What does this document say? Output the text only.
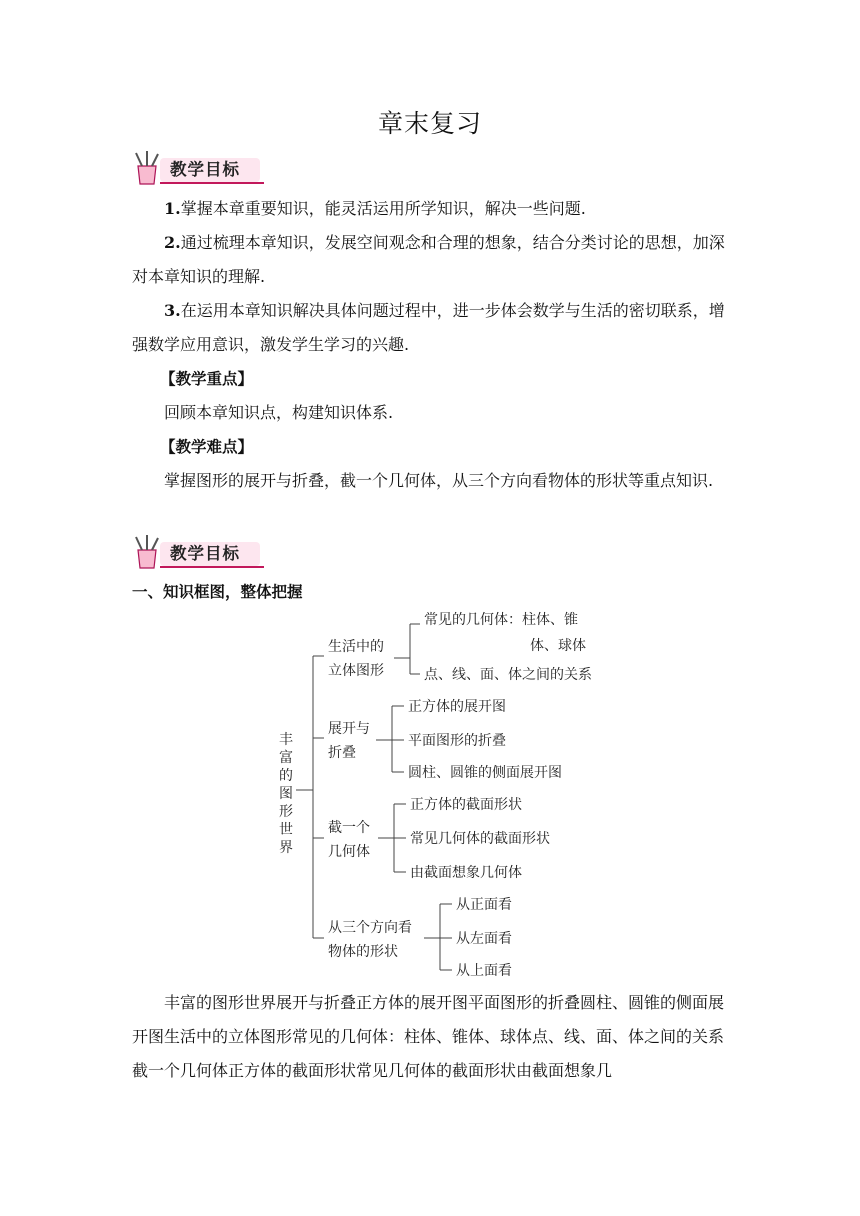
章末复习
教学目标
1.掌握本章重要知识，能灵活运用所学知识，解决一些问题.
2.通过梳理本章知识，发展空间观念和合理的想象，结合分类讨论的思想，加深对本章知识的理解.
3.在运用本章知识解决具体问题过程中，进一步体会数学与生活的密切联系，增强数学应用意识，激发学生学习的兴趣.
【教学重点】
回顾本章知识点，构建知识体系.
【教学难点】
掌握图形的展开与折叠，截一个几何体，从三个方向看物体的形状等重点知识.
教学目标
一、知识框图，整体把握
丰
富
的
图
形
世
界
生活中的
立体图形
常见的几何体：柱体、锥
体、球体
点、线、面、体之间的关系
展开与
折叠
正方体的展开图
平面图形的折叠
圆柱、圆锥的侧面展开图
截一个
几何体
正方体的截面形状
常见几何体的截面形状
由截面想象几何体
从三个方向看
物体的形状
从正面看
从左面看
从上面看
丰富的图形世界展开与折叠正方体的展开图平面图形的折叠圆柱、圆锥的侧面展开图生活中的立体图形常见的几何体：柱体、锥体、球体点、线、面、体之间的关系截一个几何体正方体的截面形状常见几何体的截面形状由截面想象几
